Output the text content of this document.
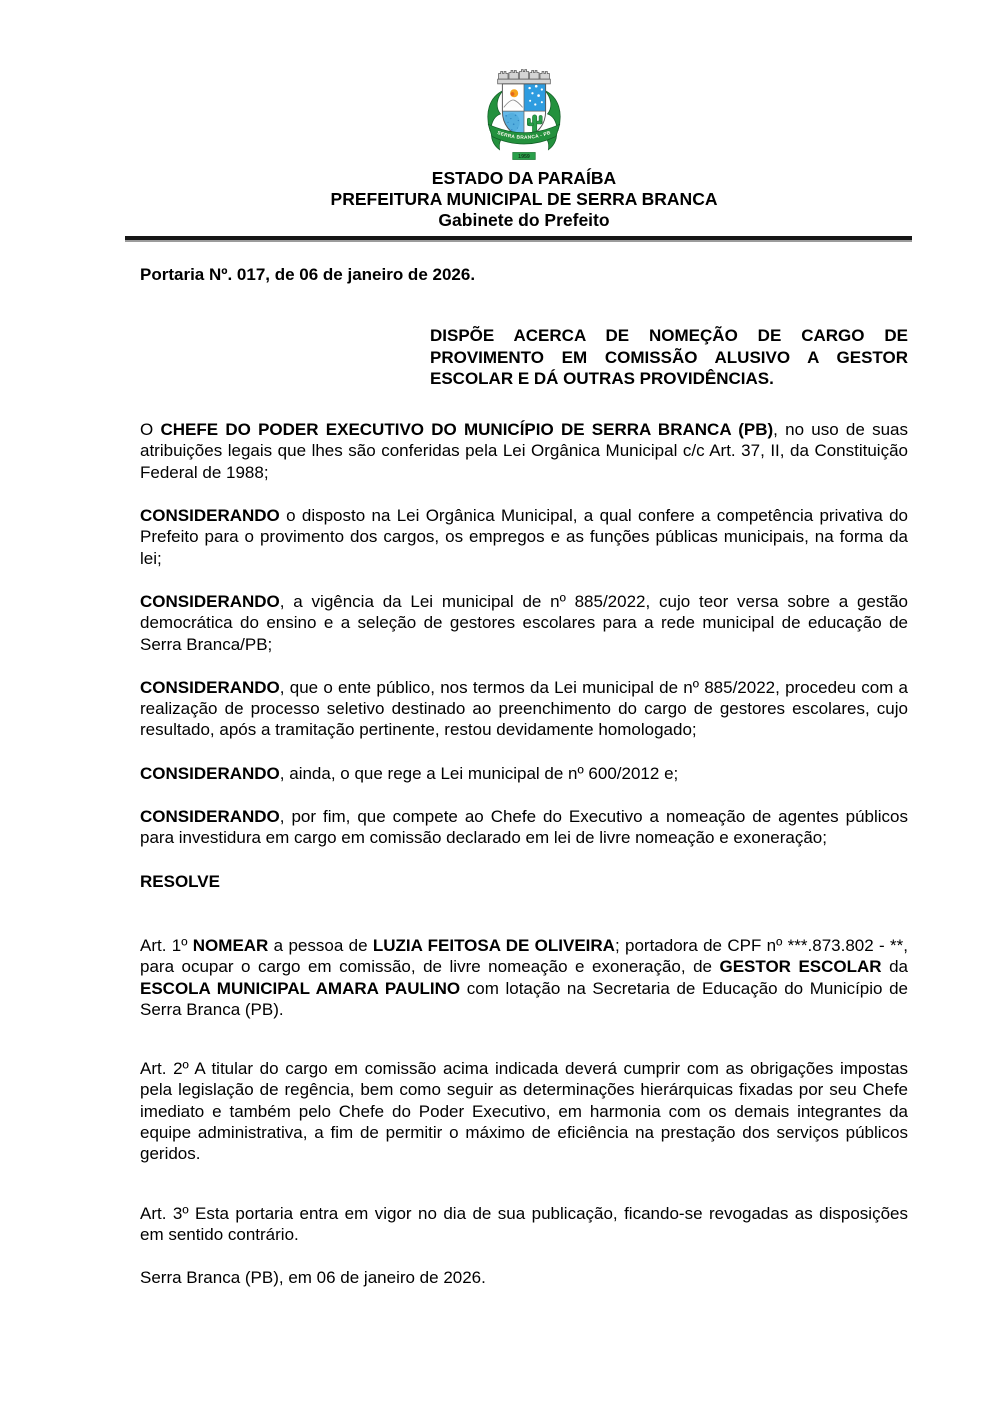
SERRA BRANCA - PB
1959
ESTADO DA PARAÍBA
PREFEITURA MUNICIPAL DE SERRA BRANCA
Gabinete do Prefeito

Portaria Nº. 017, de 06 de janeiro de 2026.

DISPÕE ACERCA DE NOMEÇÃO DE CARGO DE PROVIMENTO EM COMISSÃO ALUSIVO A GESTOR ESCOLAR E DÁ OUTRAS PROVIDÊNCIAS.

O CHEFE DO PODER EXECUTIVO DO MUNICÍPIO DE SERRA BRANCA (PB), no uso de suas atribuições legais que lhes são conferidas pela Lei Orgânica Municipal c/c Art. 37, II, da Constituição Federal de 1988;

CONSIDERANDO o disposto na Lei Orgânica Municipal, a qual confere a competência privativa do Prefeito para o provimento dos cargos, os empregos e as funções públicas municipais, na forma da lei;

CONSIDERANDO, a vigência da Lei municipal de nº 885/2022, cujo teor versa sobre a gestão democrática do ensino e a seleção de gestores escolares para a rede municipal de educação de Serra Branca/PB;

CONSIDERANDO, que o ente público, nos termos da Lei municipal de nº 885/2022, procedeu com a realização de processo seletivo destinado ao preenchimento do cargo de gestores escolares, cujo resultado, após a tramitação pertinente, restou devidamente homologado;

CONSIDERANDO, ainda, o que rege a Lei municipal de nº 600/2012 e;

CONSIDERANDO, por fim, que compete ao Chefe do Executivo a nomeação de agentes públicos para investidura em cargo em comissão declarado em lei de livre nomeação e exoneração;

RESOLVE

Art. 1º NOMEAR a pessoa de LUZIA FEITOSA DE OLIVEIRA; portadora de CPF nº ***.873.802 - **, para ocupar o cargo em comissão, de livre nomeação e exoneração, de GESTOR ESCOLAR da ESCOLA MUNICIPAL AMARA PAULINO com lotação na Secretaria de Educação do Município de Serra Branca (PB).

Art. 2º A titular do cargo em comissão acima indicada deverá cumprir com as obrigações impostas pela legislação de regência, bem como seguir as determinações hierárquicas fixadas por seu Chefe imediato e também pelo Chefe do Poder Executivo, em harmonia com os demais integrantes da equipe administrativa, a fim de permitir o máximo de eficiência na prestação dos serviços públicos geridos.

Art. 3º Esta portaria entra em vigor no dia de sua publicação, ficando-se revogadas as disposições em sentido contrário.

Serra Branca (PB), em 06 de janeiro de 2026.
